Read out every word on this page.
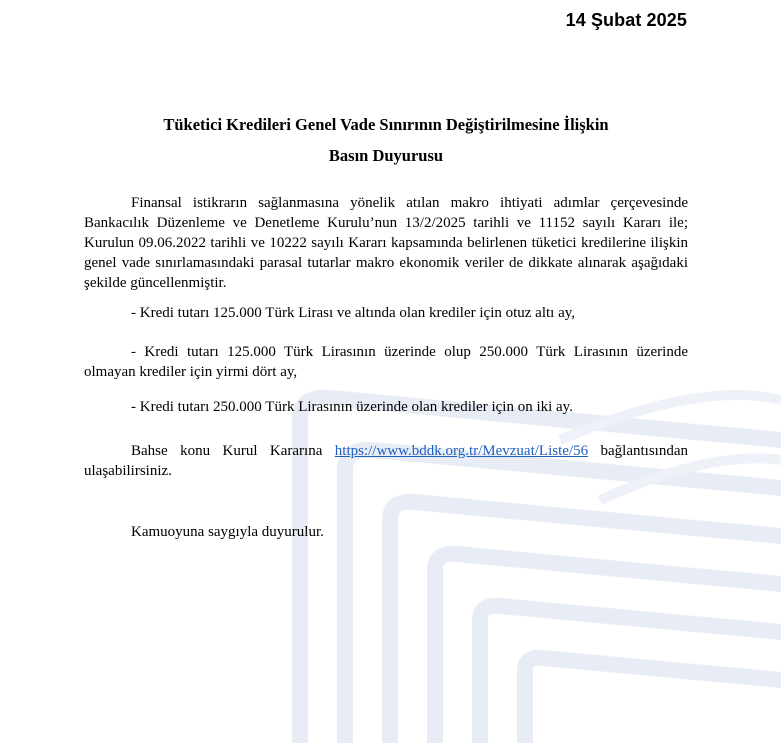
14 Şubat 2025
Tüketici Kredileri Genel Vade Sınırının Değiştirilmesine İlişkin
Basın Duyurusu

Finansal istikrarın sağlanmasına yönelik atılan makro ihtiyati adımlar çerçevesinde Bankacılık Düzenleme ve Denetleme Kurulu’nun 13/2/2025 tarihli ve 11152 sayılı Kararı ile; Kurulun 09.06.2022 tarihli ve 10222 sayılı Kararı kapsamında belirlenen tüketici kredilerine ilişkin genel vade sınırlamasındaki parasal tutarlar makro ekonomik veriler de dikkate alınarak aşağıdaki şekilde güncellenmiştir.

- Kredi tutarı 125.000 Türk Lirası ve altında olan krediler için otuz altı ay,

- Kredi tutarı 125.000 Türk Lirasının üzerinde olup 250.000 Türk Lirasının üzerinde olmayan krediler için yirmi dört ay,

- Kredi tutarı 250.000 Türk Lirasının üzerinde olan krediler için on iki ay.

Bahse konu Kurul Kararına https://www.bddk.org.tr/Mevzuat/Liste/56 bağlantısından ulaşabilirsiniz.

Kamuoyuna saygıyla duyurulur.
